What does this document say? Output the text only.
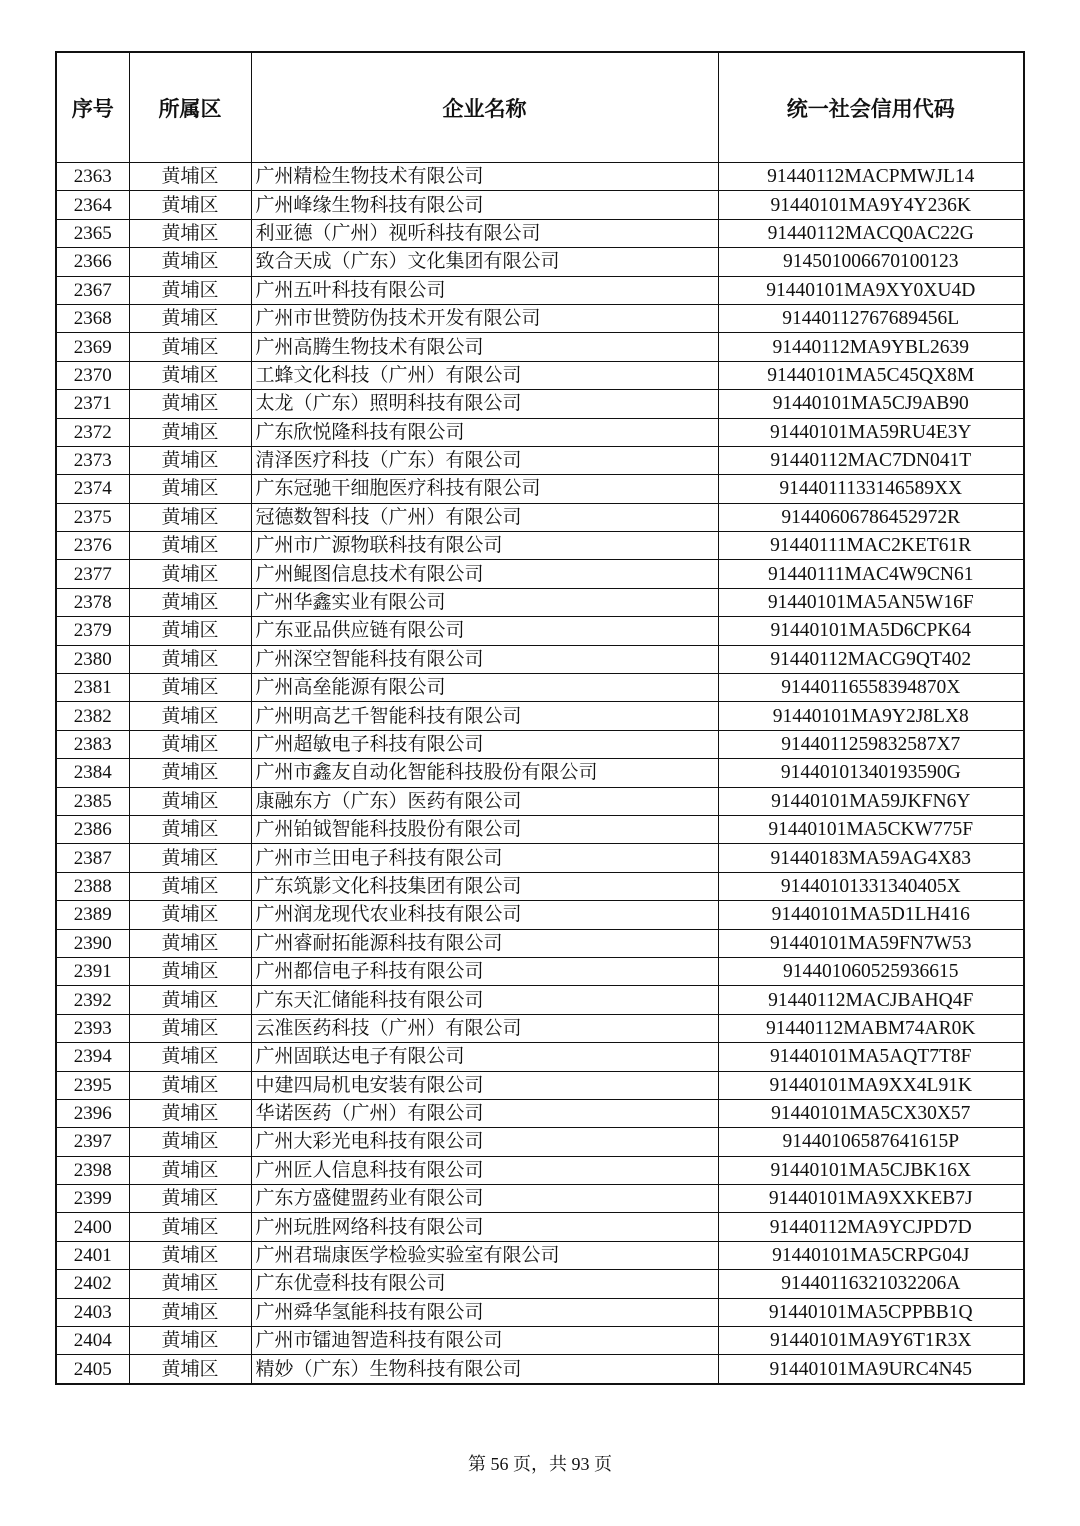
序号	所属区	企业名称	统一社会信用代码
2363	黄埔区	广州精检生物技术有限公司	91440112MACPMWJL14
2364	黄埔区	广州峰缘生物科技有限公司	91440101MA9Y4Y236K
2365	黄埔区	利亚德（广州）视听科技有限公司	91440112MACQ0AC22G
2366	黄埔区	致合天成（广东）文化集团有限公司	914501006670100123
2367	黄埔区	广州五叶科技有限公司	91440101MA9XY0XU4D
2368	黄埔区	广州市世赞防伪技术开发有限公司	91440112767689456L
2369	黄埔区	广州高腾生物技术有限公司	91440112MA9YBL2639
2370	黄埔区	工蜂文化科技（广州）有限公司	91440101MA5C45QX8M
2371	黄埔区	太龙（广东）照明科技有限公司	91440101MA5CJ9AB90
2372	黄埔区	广东欣悦隆科技有限公司	91440101MA59RU4E3Y
2373	黄埔区	清泽医疗科技（广东）有限公司	91440112MAC7DN041T
2374	黄埔区	广东冠驰干细胞医疗科技有限公司	914401113314658 9XX
2375	黄埔区	冠德数智科技（广州）有限公司	91440606786452972R
2376	黄埔区	广州市广源物联科技有限公司	91440111MAC2KET61R
2377	黄埔区	广州鲲图信息技术有限公司	91440111MAC4W9CN61
2378	黄埔区	广州华鑫实业有限公司	91440101MA5AN5W16F
2379	黄埔区	广东亚品供应链有限公司	91440101MA5D6CPK64
2380	黄埔区	广州深空智能科技有限公司	91440112MACG9QT402
2381	黄埔区	广州高垒能源有限公司	9144011655839487 0X
2382	黄埔区	广州明高艺千智能科技有限公司	91440101MA9Y2J8LX8
2383	黄埔区	广州超敏电子科技有限公司	9144011259832587X7
2384	黄埔区	广州市鑫友自动化智能科技股份有限公司	91440101340193590G
2385	黄埔区	康融东方（广东）医药有限公司	91440101MA59JKFN6Y
2386	黄埔区	广州铂钺智能科技股份有限公司	91440101MA5CKW775F
2387	黄埔区	广州市兰田电子科技有限公司	91440183MA59AG4X83
2388	黄埔区	广东筑影文化科技集团有限公司	91440101331340405X
2389	黄埔区	广州润龙现代农业科技有限公司	91440101MA5D1LH416
2390	黄埔区	广州睿耐拓能源科技有限公司	91440101MA59FN7W53
2391	黄埔区	广州都信电子科技有限公司	914401060525936615
2392	黄埔区	广东天汇储能科技有限公司	91440112MACJBAHQ4F
2393	黄埔区	云准医药科技（广州）有限公司	91440112MABM74AR0K
2394	黄埔区	广州固联达电子有限公司	91440101MA5AQT7T8F
2395	黄埔区	中建四局机电安装有限公司	91440101MA9XX4L91K
2396	黄埔区	华诺医药（广州）有限公司	91440101MA5CX30X57
2397	黄埔区	广州大彩光电科技有限公司	9144010658764161 5P
2398	黄埔区	广州匠人信息科技有限公司	91440101MA5CJBK16X
2399	黄埔区	广东方盛健盟药业有限公司	91440101MA9XXKEB7J
2400	黄埔区	广州玩胜网络科技有限公司	91440112MA9YCJPD7D
2401	黄埔区	广州君瑞康医学检验实验室有限公司	91440101MA5CRPG04J
2402	黄埔区	广东优壹科技有限公司	91440116321032206A
2403	黄埔区	广州舜华氢能科技有限公司	91440101MA5CPPBB1Q
2404	黄埔区	广州市镭迪智造科技有限公司	91440101MA9Y6T1R3X
2405	黄埔区	精妙（广东）生物科技有限公司	91440101MA9URC4N45
第 56 页，共 93 页
